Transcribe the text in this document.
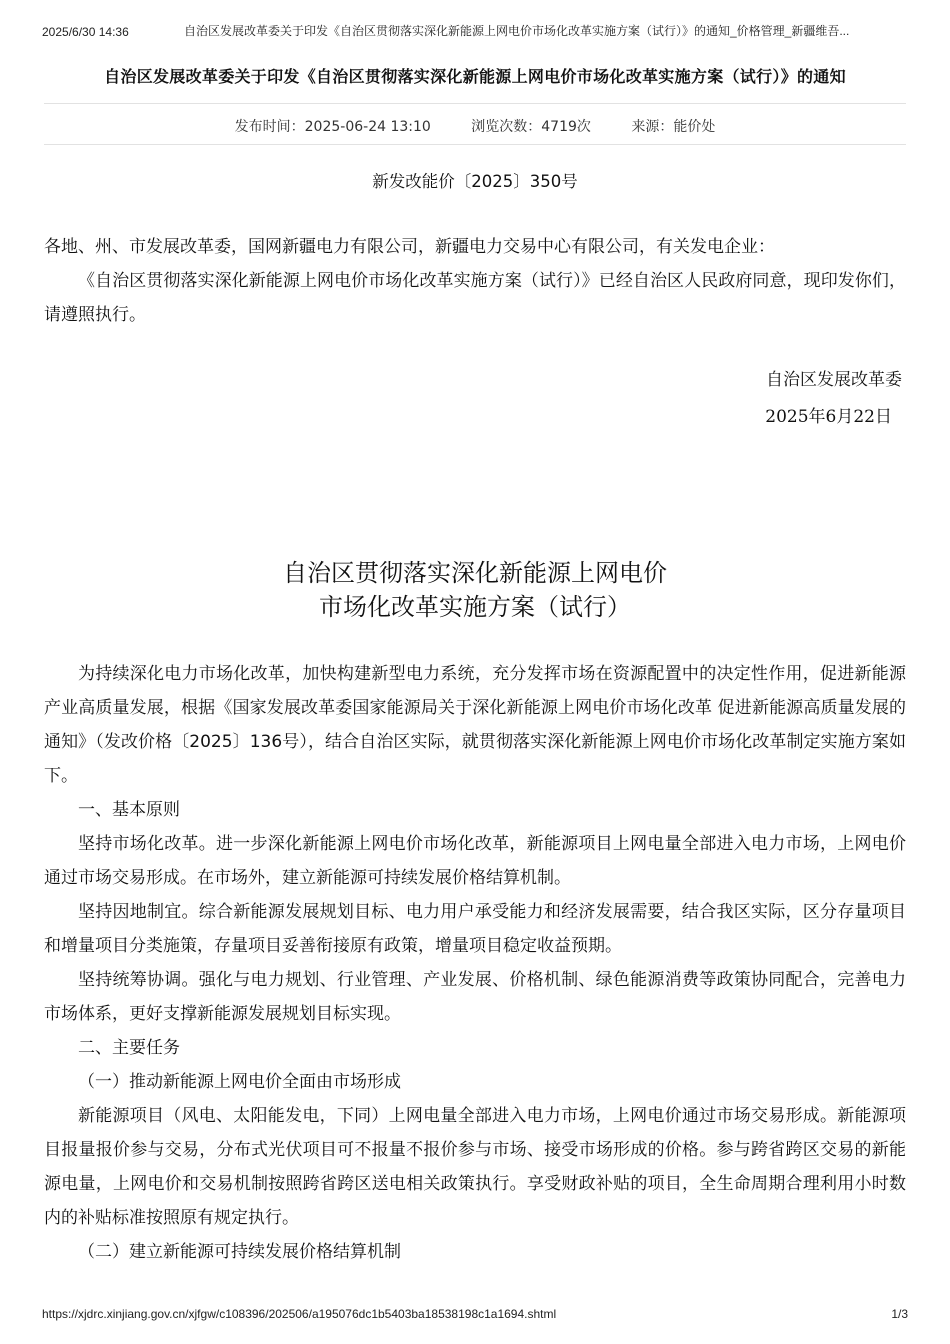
2025/6/30 14:36	自治区发展改革委关于印发《自治区贯彻落实深化新能源上网电价市场化改革实施方案（试行）》的通知_价格管理_新疆维吾...
自治区发展改革委关于印发《自治区贯彻落实深化新能源上网电价市场化改革实施方案（试行）》的通知
发布时间：2025-06-24 13:10	浏览次数：4719次	来源：能价处
新发改能价〔2025〕350号

各地、州、市发展改革委，国网新疆电力有限公司，新疆电力交易中心有限公司，有关发电企业：

《自治区贯彻落实深化新能源上网电价市场化改革实施方案（试行）》已经自治区人民政府同意，现印发你们，请遵照执行。

自治区发展改革委
2025年6月22日
自治区贯彻落实深化新能源上网电价
市场化改革实施方案（试行）

为持续深化电力市场化改革，加快构建新型电力系统，充分发挥市场在资源配置中的决定性作用，促进新能源产业高质量发展，根据《国家发展改革委国家能源局关于深化新能源上网电价市场化改革 促进新能源高质量发展的通知》（发改价格〔2025〕136号），结合自治区实际，就贯彻落实深化新能源上网电价市场化改革制定实施方案如下。

一、基本原则

坚持市场化改革。进一步深化新能源上网电价市场化改革，新能源项目上网电量全部进入电力市场，上网电价通过市场交易形成。在市场外，建立新能源可持续发展价格结算机制。

坚持因地制宜。综合新能源发展规划目标、电力用户承受能力和经济发展需要，结合我区实际，区分存量项目和增量项目分类施策，存量项目妥善衔接原有政策，增量项目稳定收益预期。

坚持统筹协调。强化与电力规划、行业管理、产业发展、价格机制、绿色能源消费等政策协同配合，完善电力市场体系，更好支撑新能源发展规划目标实现。

二、主要任务

（一）推动新能源上网电价全面由市场形成

新能源项目（风电、太阳能发电，下同）上网电量全部进入电力市场，上网电价通过市场交易形成。新能源项目报量报价参与交易，分布式光伏项目可不报量不报价参与市场、接受市场形成的价格。参与跨省跨区交易的新能源电量，上网电价和交易机制按照跨省跨区送电相关政策执行。享受财政补贴的项目，全生命周期合理利用小时数内的补贴标准按照原有规定执行。

（二）建立新能源可持续发展价格结算机制

https://xjdrc.xinjiang.gov.cn/xjfgw/c108396/202506/a195076dc1b5403ba18538198c1a1694.shtml	1/3
